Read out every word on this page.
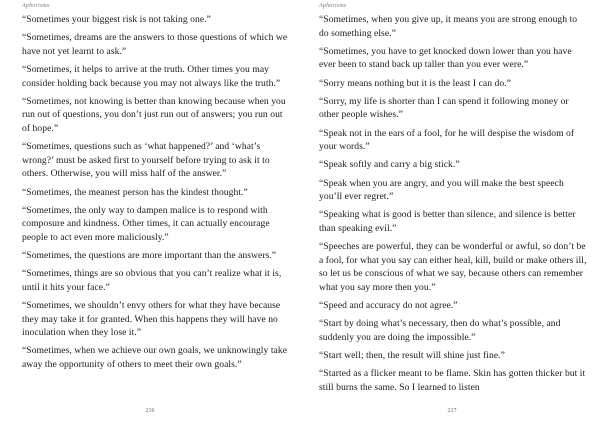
Aphorisms
“Sometimes your biggest risk is not taking one.”
“Sometimes, dreams are the answers to those questions of which we have not yet learnt to ask.”
“Sometimes, it helps to arrive at the truth. Other times you may consider holding back because you may not always like the truth.”
“Sometimes, not knowing is better than knowing because when you run out of questions, you don’t just run out of answers; you run out of hope.”
“Sometimes, questions such as ‘what happened?’ and ‘what’s wrong?’ must be asked first to yourself before trying to ask it to others. Otherwise, you will miss half of the answer.”
“Sometimes, the meanest person has the kindest thought.”
“Sometimes, the only way to dampen malice is to respond with composure and kindness. Other times, it can actually encourage people to act even more maliciously.”
“Sometimes, the questions are more important than the answers.”
“Sometimes, things are so obvious that you can’t realize what it is, until it hits your face.”
“Sometimes, we shouldn’t envy others for what they have because they may take it for granted. When this happens they will have no inoculation when they lose it.”
“Sometimes, when we achieve our own goals, we unknowingly take away the opportunity of others to meet their own goals.”
216
Aphorisms
“Sometimes, when you give up, it means you are strong enough to do something else.”
“Sometimes, you have to get knocked down lower than you have ever been to stand back up taller than you ever were.”
“Sorry means nothing but it is the least I can do.”
“Sorry, my life is shorter than I can spend it following money or other people wishes.”
“Speak not in the ears of a fool, for he will despise the wisdom of your words.”
“Speak softly and carry a big stick.”
“Speak when you are angry, and you will make the best speech you’ll ever regret.”
“Speaking what is good is better than silence, and silence is better than speaking evil.”
“Speeches are powerful, they can be wonderful or awful, so don’t be a fool, for what you say can either heal, kill, build or make others ill, so let us be conscious of what we say, because others can remember what you say more then you.”
“Speed and accuracy do not agree.”
“Start by doing what’s necessary, then do what’s possible, and suddenly you are doing the impossible.”
“Start well; then, the result will shine just fine.”
“Started as a flicker meant to be flame. Skin has gotten thicker but it still burns the same. So I learned to listen
217
